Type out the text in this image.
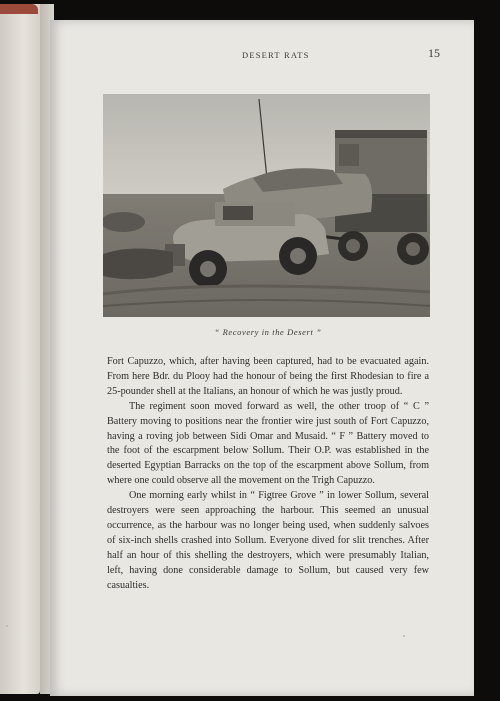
DESERT RATS	15
“ Recovery in the Desert ”

Fort Capuzzo, which, after having been captured, had to be evacuated again. From here Bdr. du Plooy had the honour of being the first Rhodesian to fire a 25-pounder shell at the Italians, an honour of which he was justly proud.

The regiment soon moved forward as well, the other troop of “ C ” Battery moving to positions near the frontier wire just south of Fort Capuzzo, having a roving job between Sidi Omar and Musaid. “ F ” Battery moved to the foot of the escarpment below Sollum. Their O.P. was established in the deserted Egyptian Barracks on the top of the escarpment above Sollum, from where one could observe all the movement on the Trigh Capuzzo.

One morning early whilst in “ Figtree Grove ” in lower Sollum, several destroyers were seen approaching the harbour. This seemed an unusual occurrence, as the harbour was no longer being used, when suddenly salvoes of six-inch shells crashed into Sollum. Everyone dived for slit trenches. After half an hour of this shelling the destroyers, which were presumably Italian, left, having done considerable damage to Sollum, but caused very few casualties.
